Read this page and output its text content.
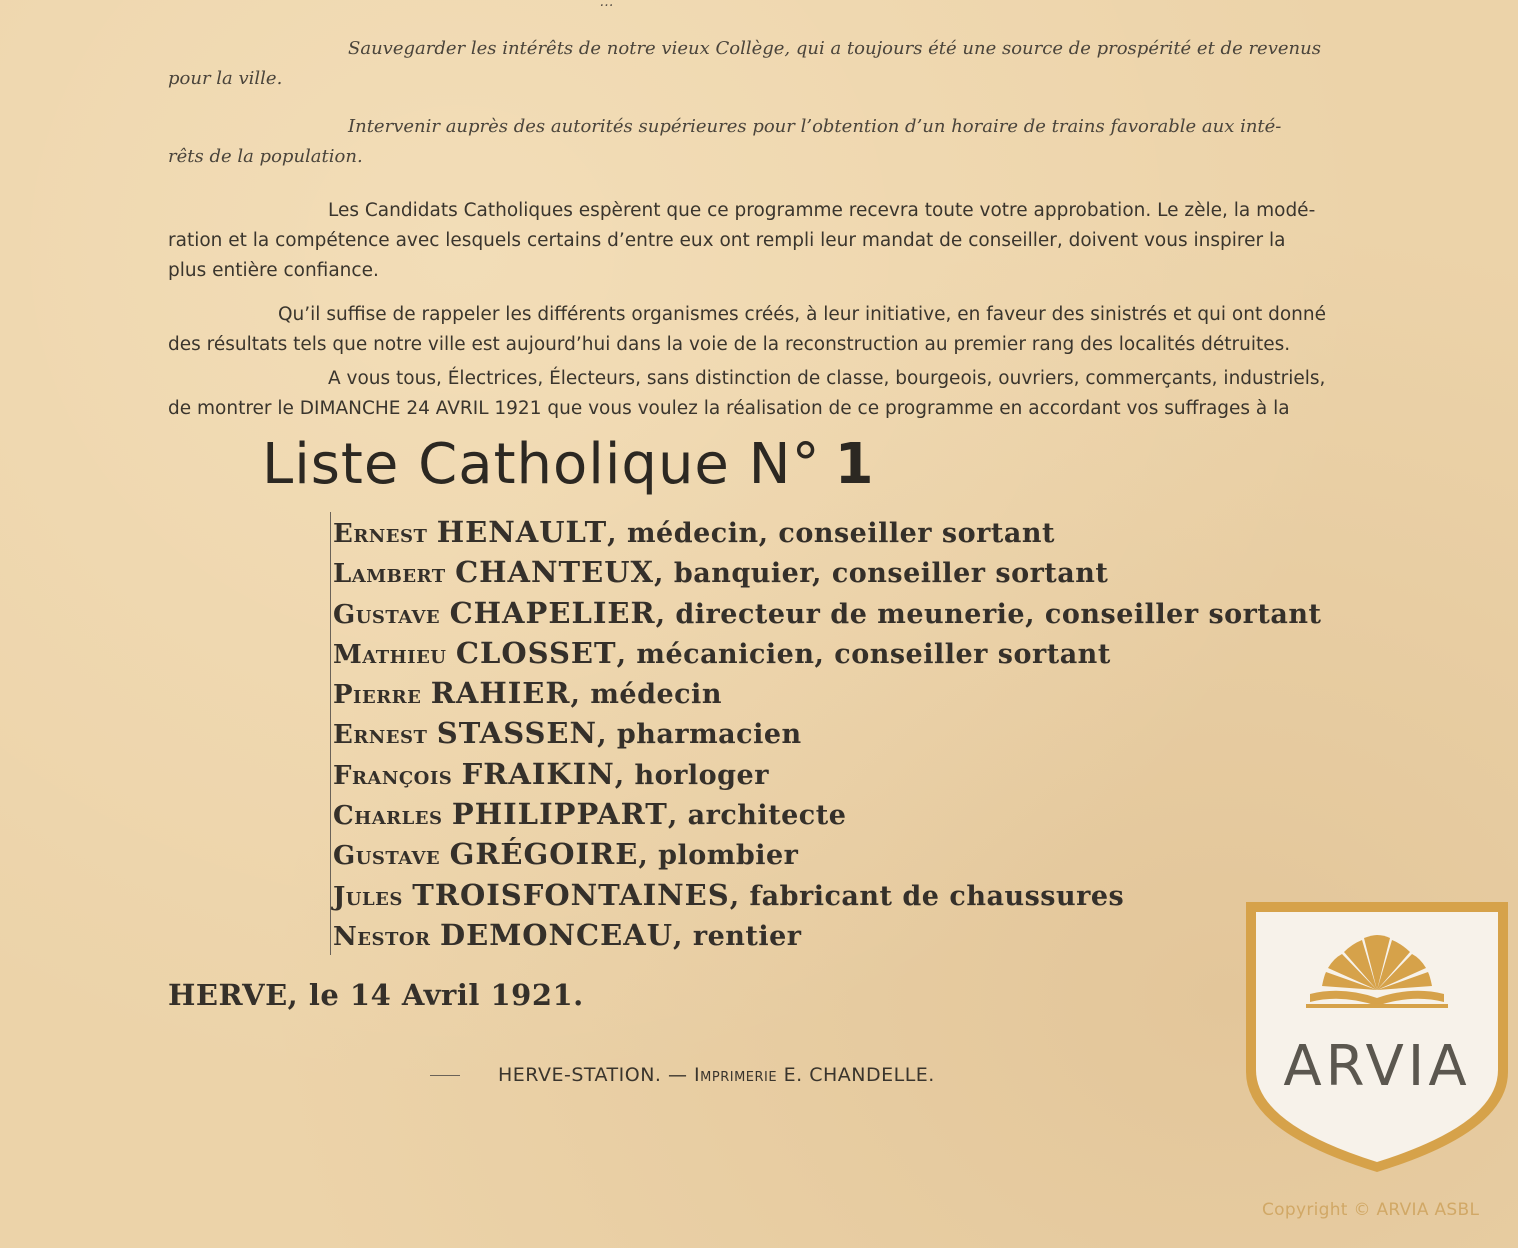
…
Sauvegarder les intérêts de notre vieux Collège, qui a toujours été une source de prospérité et de revenus
pour la ville.
Intervenir auprès des autorités supérieures pour l’obtention d’un horaire de trains favorable aux inté-
rêts de la population.
Les Candidats Catholiques espèrent que ce programme recevra toute votre approbation. Le zèle, la modé-
ration et la compétence avec lesquels certains d’entre eux ont rempli leur mandat de conseiller, doivent vous inspirer la
plus entière confiance.
Qu’il suffise de rappeler les différents organismes créés, à leur initiative, en faveur des sinistrés et qui ont donné
des résultats tels que notre ville est aujourd’hui dans la voie de la reconstruction au premier rang des localités détruites.
A vous tous, Électrices, Électeurs, sans distinction de classe, bourgeois, ouvriers, commerçants, industriels,
de montrer le DIMANCHE 24 AVRIL 1921 que vous voulez la réalisation de ce programme en accordant vos suffrages à la
Liste Catholique N° 1
Ernest HENAULT, médecin, conseiller sortant
Lambert CHANTEUX, banquier, conseiller sortant
Gustave CHAPELIER, directeur de meunerie, conseiller sortant
Mathieu CLOSSET, mécanicien, conseiller sortant
Pierre RAHIER, médecin
Ernest STASSEN, pharmacien
François FRAIKIN, horloger
Charles PHILIPPART, architecte
Gustave GRÉGOIRE, plombier
Jules TROISFONTAINES, fabricant de chaussures
Nestor DEMONCEAU, rentier
HERVE, le 14 Avril 1921.
HERVE-STATION. — Imprimerie E. CHANDELLE.	ARVIA
Copyright © ARVIA ASBL
